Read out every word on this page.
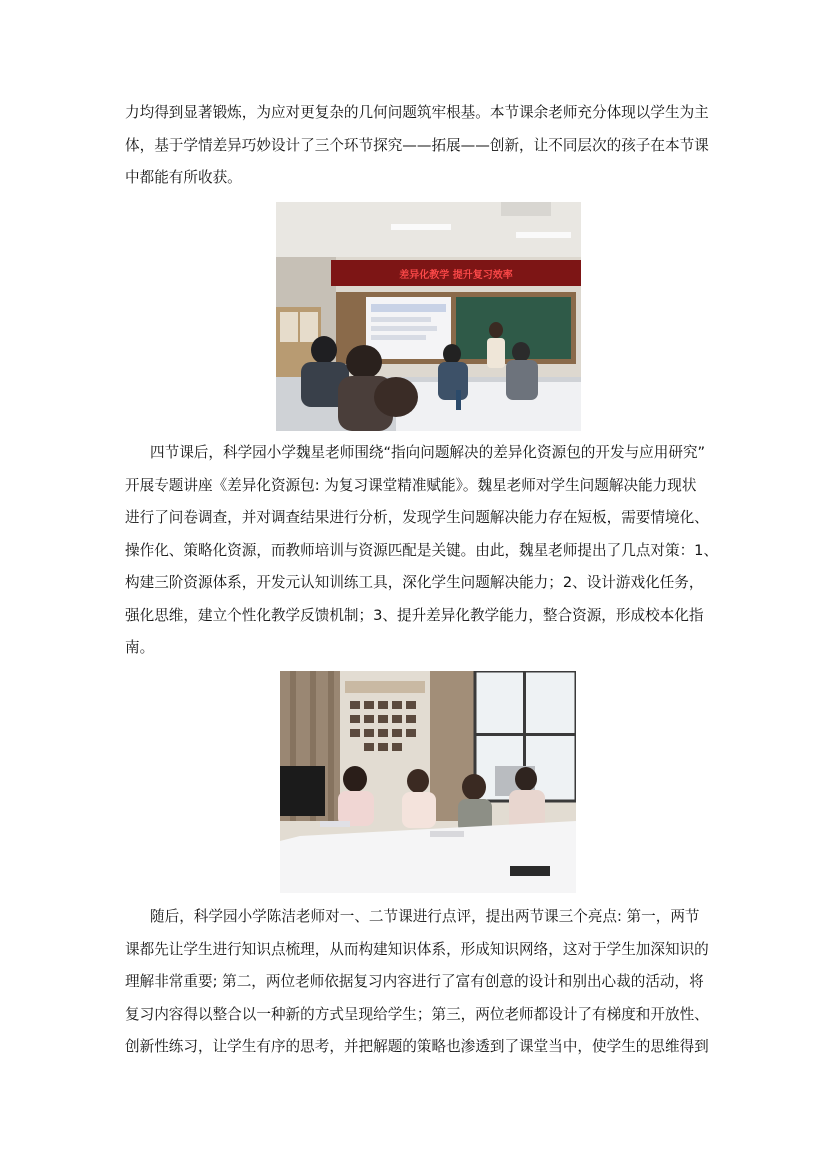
力均得到显著锻炼，为应对更复杂的几何问题筑牢根基。本节课余老师充分体现以学生为主
体，基于学情差异巧妙设计了三个环节探究——拓展——创新，让不同层次的孩子在本节课
中都能有所收获。
差异化教学 提升复习效率
四节课后，科学园小学魏星老师围绕“指向问题解决的差异化资源包的开发与应用研究”
开展专题讲座《差异化资源包: 为复习课堂精准赋能》。魏星老师对学生问题解决能力现状
进行了问卷调查，并对调查结果进行分析，发现学生问题解决能力存在短板，需要情境化、
操作化、策略化资源，而教师培训与资源匹配是关键。由此，魏星老师提出了几点对策：1、
构建三阶资源体系，开发元认知训练工具，深化学生问题解决能力；2、设计游戏化任务，
强化思维，建立个性化教学反馈机制；3、提升差异化教学能力，整合资源，形成校本化指
南。
随后，科学园小学陈洁老师对一、二节课进行点评，提出两节课三个亮点: 第一，两节
课都先让学生进行知识点梳理，从而构建知识体系，形成知识网络，这对于学生加深知识的
理解非常重要; 第二，两位老师依据复习内容进行了富有创意的设计和别出心裁的活动，将
复习内容得以整合以一种新的方式呈现给学生；第三，两位老师都设计了有梯度和开放性、
创新性练习，让学生有序的思考，并把解题的策略也渗透到了课堂当中，使学生的思维得到
